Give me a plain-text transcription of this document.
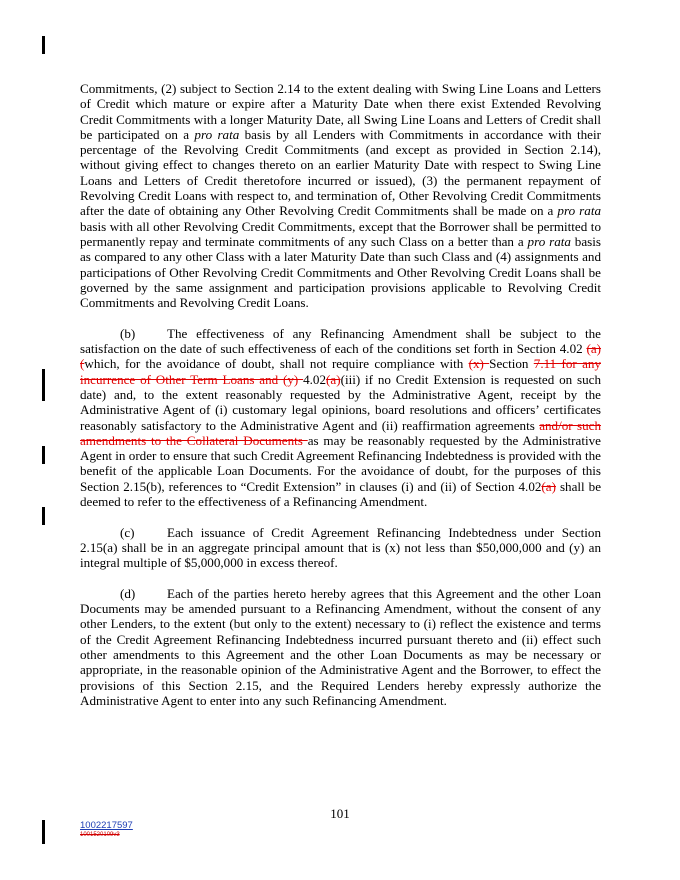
Commitments, (2) subject to Section 2.14 to the extent dealing with Swing Line Loans and Letters of Credit which mature or expire after a Maturity Date when there exist Extended Revolving Credit Commitments with a longer Maturity Date, all Swing Line Loans and Letters of Credit shall be participated on a pro rata basis by all Lenders with Commitments in accordance with their percentage of the Revolving Credit Commitments (and except as provided in Section 2.14), without giving effect to changes thereto on an earlier Maturity Date with respect to Swing Line Loans and Letters of Credit theretofore incurred or issued), (3) the permanent repayment of Revolving Credit Loans with respect to, and termination of, Other Revolving Credit Commitments after the date of obtaining any Other Revolving Credit Commitments shall be made on a pro rata basis with all other Revolving Credit Commitments, except that the Borrower shall be permitted to permanently repay and terminate commitments of any such Class on a better than a pro rata basis as compared to any other Class with a later Maturity Date than such Class and (4) assignments and participations of Other Revolving Credit Commitments and Other Revolving Credit Loans shall be governed by the same assignment and participation provisions applicable to Revolving Credit Commitments and Revolving Credit Loans.

(b) The effectiveness of any Refinancing Amendment shall be subject to the satisfaction on the date of such effectiveness of each of the conditions set forth in Section 4.02 (a) (which, for the avoidance of doubt, shall not require compliance with (x) Section 7.11 for any incurrence of Other Term Loans and (y) 4.02(a)(iii) if no Credit Extension is requested on such date) and, to the extent reasonably requested by the Administrative Agent, receipt by the Administrative Agent of (i) customary legal opinions, board resolutions and officers’ certificates reasonably satisfactory to the Administrative Agent and (ii) reaffirmation agreements and/or such amendments to the Collateral Documents as may be reasonably requested by the Administrative Agent in order to ensure that such Credit Agreement Refinancing Indebtedness is provided with the benefit of the applicable Loan Documents. For the avoidance of doubt, for the purposes of this Section 2.15(b), references to “Credit Extension” in clauses (i) and (ii) of Section 4.02(a) shall be deemed to refer to the effectiveness of a Refinancing Amendment.

(c) Each issuance of Credit Agreement Refinancing Indebtedness under Section 2.15(a) shall be in an aggregate principal amount that is (x) not less than $50,000,000 and (y) an integral multiple of $5,000,000 in excess thereof.

(d) Each of the parties hereto hereby agrees that this Agreement and the other Loan Documents may be amended pursuant to a Refinancing Amendment, without the consent of any other Lenders, to the extent (but only to the extent) necessary to (i) reflect the existence and terms of the Credit Agreement Refinancing Indebtedness incurred pursuant thereto and (ii) effect such other amendments to this Agreement and the other Loan Documents as may be necessary or appropriate, in the reasonable opinion of the Administrative Agent and the Borrower, to effect the provisions of this Section 2.15, and the Required Lenders hereby expressly authorize the Administrative Agent to enter into any such Refinancing Amendment.

101
1002217597
1001520109v3
